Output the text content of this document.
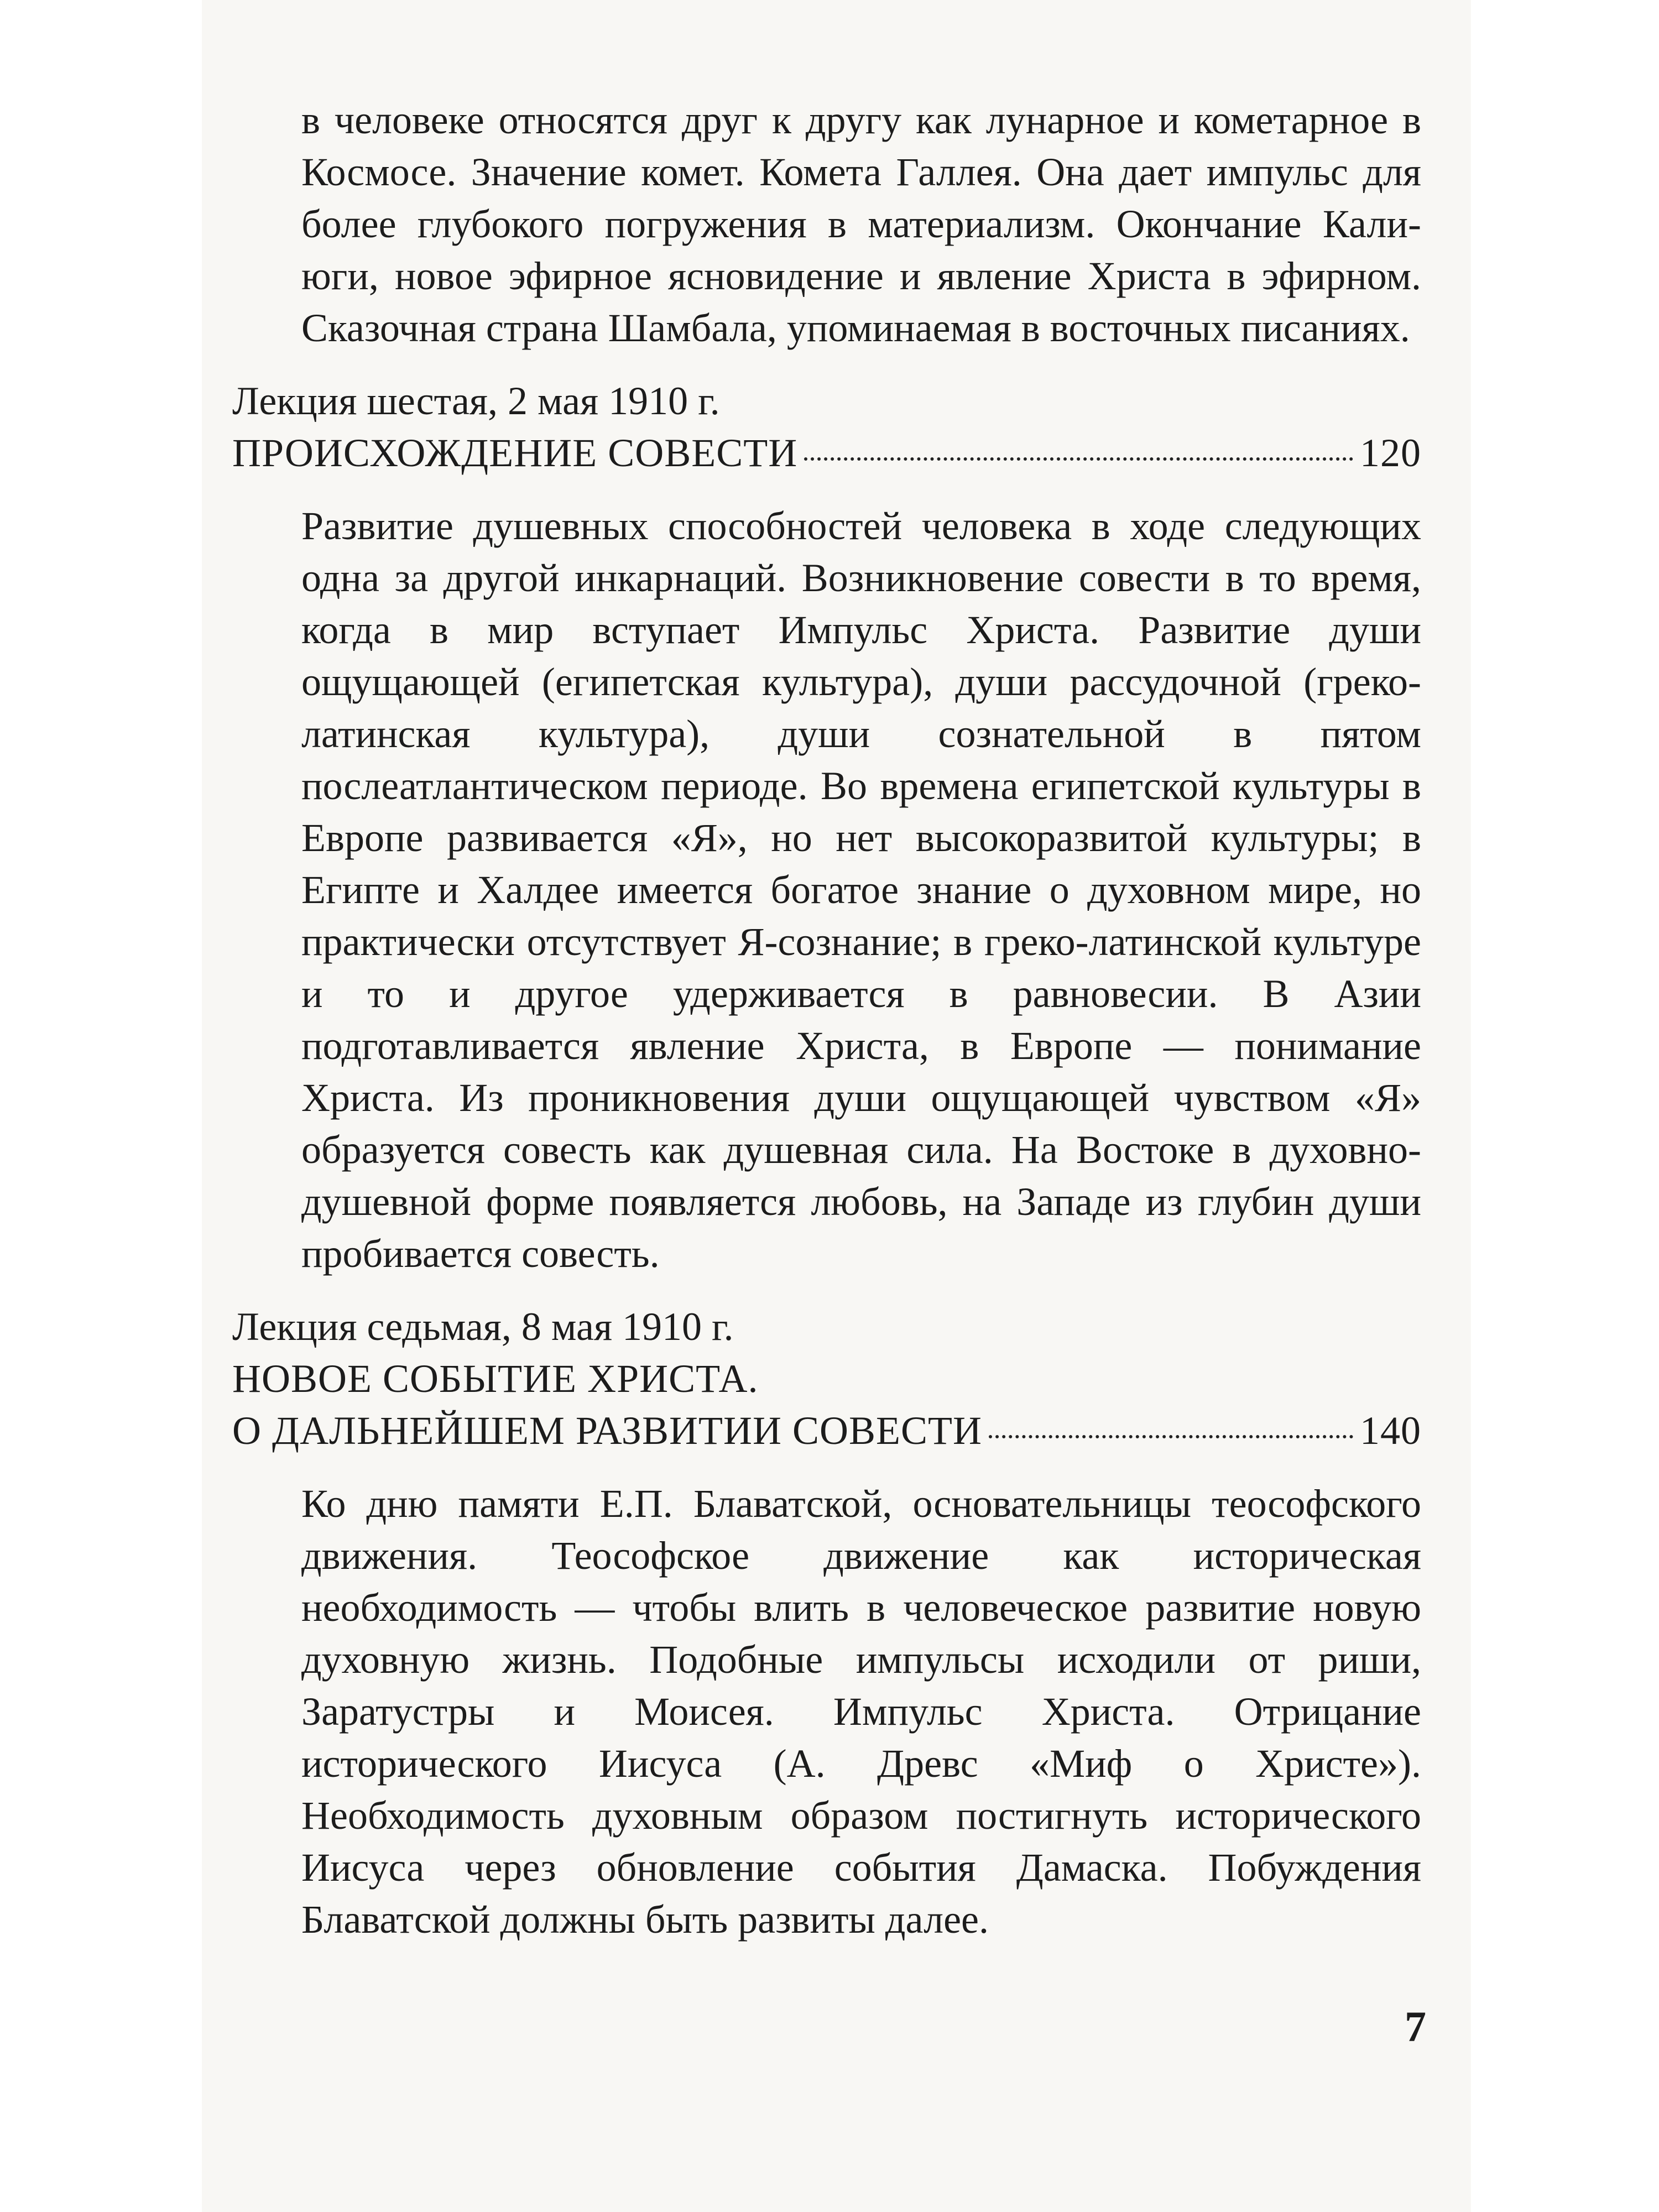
в человеке относятся друг к другу как лунарное и кометарное в Космосе. Значение комет. Комета Галлея. Она дает импульс для более глубокого погружения в материализм. Окончание Кали-юги, новое эфирное ясновидение и явление Христа в эфирном. Сказочная страна Шамбала, упоминаемая в восточных писаниях.
Лекция шестая, 2 мая 1910 г.
ПРОИСХОЖДЕНИЕ СОВЕСТИ	120
Развитие душевных способностей человека в ходе следующих одна за другой инкарнаций. Возникновение совести в то время, когда в мир вступает Импульс Христа. Развитие души ощущающей (египетская культура), души рассудочной (греко-латинская культура), души сознательной в пятом послеатлантическом периоде. Во времена египетской культуры в Европе развивается «Я», но нет высокоразвитой культуры; в Египте и Халдее имеется богатое знание о духовном мире, но практически отсутствует Я-сознание; в греко-латинской культуре и то и другое удерживается в равновесии. В Азии подготавливается явление Христа, в Европе — понимание Христа. Из проникновения души ощущающей чувством «Я» образуется совесть как душевная сила. На Востоке в духовно-душевной форме появляется любовь, на Западе из глубин души пробивается совесть.
Лекция седьмая, 8 мая 1910 г.
НОВОЕ СОБЫТИЕ ХРИСТА.
О ДАЛЬНЕЙШЕМ РАЗВИТИИ СОВЕСТИ	140
Ко дню памяти Е.П. Блаватской, основательницы теософского движения. Теософское движение как историческая необходимость — чтобы влить в человеческое развитие новую духовную жизнь. Подобные импульсы исходили от риши, Заратустры и Моисея. Импульс Христа. Отрицание исторического Иисуса (А. Древс «Миф о Христе»). Необходимость духовным образом постигнуть исторического Иисуса через обновление события Дамаска. Побуждения Блаватской должны быть развиты далее.
7
